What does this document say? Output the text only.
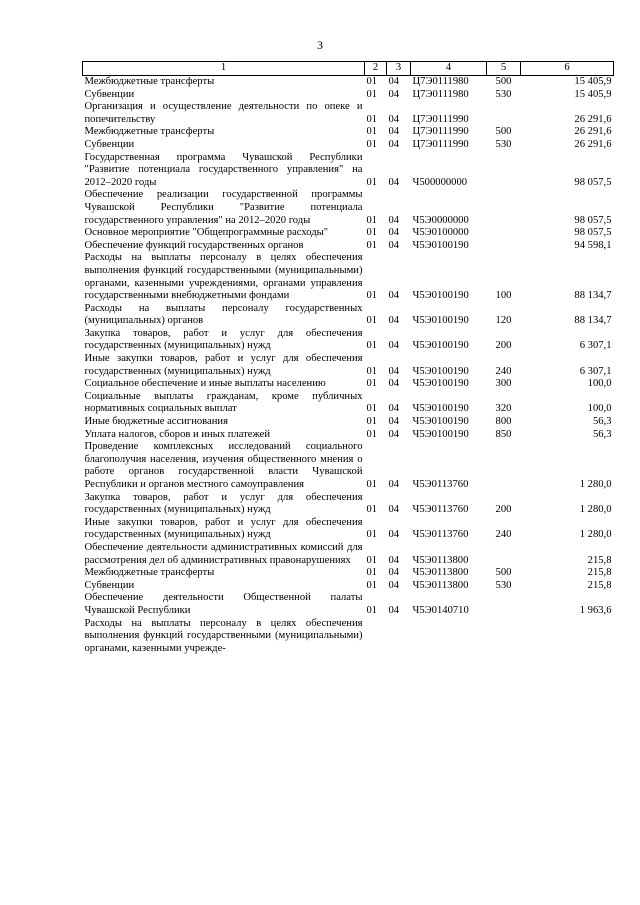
3
1	2	3	4	5	6
Межбюджетные трансферты	01	04	Ц7Э0111980	500	15 405,9
Субвенции	01	04	Ц7Э0111980	530	15 405,9
Организация и осуществление деятельности по опеке и попечительству	01	04	Ц7Э0111990		26 291,6
Межбюджетные трансферты	01	04	Ц7Э0111990	500	26 291,6
Субвенции	01	04	Ц7Э0111990	530	26 291,6
Государственная программа Чувашской Республики "Развитие потенциала государственного управления" на 2012–2020 годы	01	04	Ч500000000		98 057,5
Обеспечение реализации государственной программы Чувашской Республики "Развитие потенциала государственного управления" на 2012–2020 годы	01	04	Ч5Э0000000		98 057,5
Основное мероприятие "Общепрограммные расходы"	01	04	Ч5Э0100000		98 057,5
Обеспечение функций государственных органов	01	04	Ч5Э0100190		94 598,1
Расходы на выплаты персоналу в целях обеспечения выполнения функций государственными (муниципальными) органами, казенными учреждениями, органами управления государственными внебюджетными фондами	01	04	Ч5Э0100190	100	88 134,7
Расходы на выплаты персоналу государственных (муниципальных) органов	01	04	Ч5Э0100190	120	88 134,7
Закупка товаров, работ и услуг для обеспечения государственных (муниципальных) нужд	01	04	Ч5Э0100190	200	6 307,1
Иные закупки товаров, работ и услуг для обеспечения государственных (муниципальных) нужд	01	04	Ч5Э0100190	240	6 307,1
Социальное обеспечение и иные выплаты населению	01	04	Ч5Э0100190	300	100,0
Социальные выплаты гражданам, кроме публичных нормативных социальных выплат	01	04	Ч5Э0100190	320	100,0
Иные бюджетные ассигнования	01	04	Ч5Э0100190	800	56,3
Уплата налогов, сборов и иных платежей	01	04	Ч5Э0100190	850	56,3
Проведение комплексных исследований социального благополучия населения, изучения общественного мнения о работе органов государственной власти Чувашской Республики и органов местного самоуправления	01	04	Ч5Э0113760		1 280,0
Закупка товаров, работ и услуг для обеспечения государственных (муниципальных) нужд	01	04	Ч5Э0113760	200	1 280,0
Иные закупки товаров, работ и услуг для обеспечения государственных (муниципальных) нужд	01	04	Ч5Э0113760	240	1 280,0
Обеспечение деятельности административных комиссий для рассмотрения дел об административных правонарушениях	01	04	Ч5Э0113800		215,8
Межбюджетные трансферты	01	04	Ч5Э0113800	500	215,8
Субвенции	01	04	Ч5Э0113800	530	215,8
Обеспечение деятельности Общественной палаты Чувашской Республики	01	04	Ч5Э0140710		1 963,6
Расходы на выплаты персоналу в целях обеспечения выполнения функций государственными (муниципальными) органами, казенными учрежде-					
